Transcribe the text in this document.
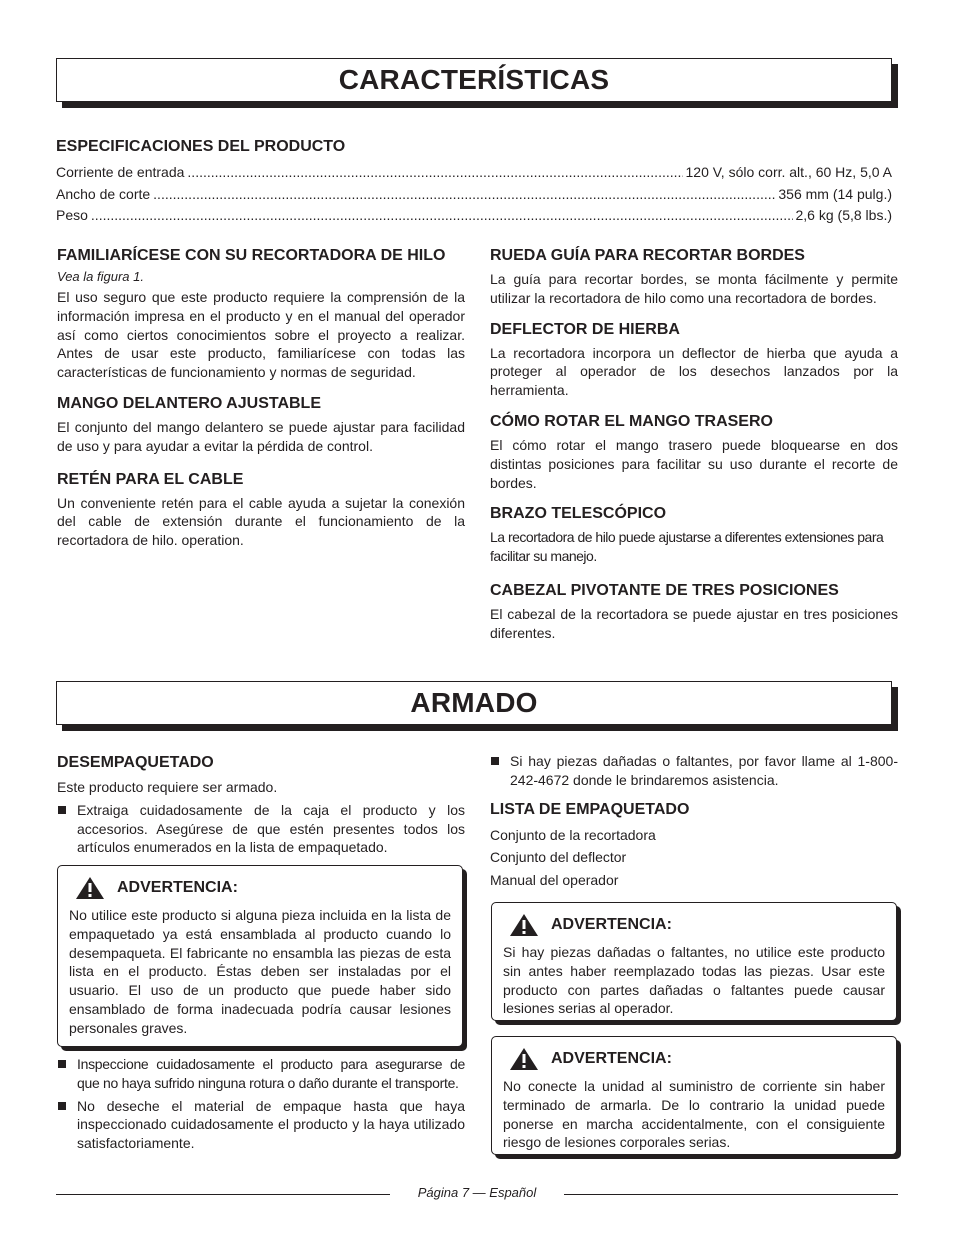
CARACTERÍSTICAS
ESPECIFICACIONES DEL PRODUCTO
Corriente de entrada .....	120 V, sólo corr. alt., 60 Hz, 5,0 A
Ancho de corte .....	356 mm (14 pulg.)
Peso .....	2,6 kg (5,8 lbs.)
FAMILIARÍCESE CON SU RECORTADORA DE HILO
Vea la figura 1.

El uso seguro que este producto requiere la comprensión de la información impresa en el producto y en el manual del operador así como ciertos conocimientos sobre el proyecto a realizar. Antes de usar este producto, familiarícese con todas las características de funcionamiento y normas de seguridad.

MANGO DELANTERO AJUSTABLE

El conjunto del mango delantero se puede ajustar para facilidad de uso y para ayudar a evitar la pérdida de control.

RETÉN PARA EL CABLE

Un conveniente retén para el cable ayuda a sujetar la conexión del cable de extensión durante el funcionamiento de la recortadora de hilo. operation.

RUEDA GUÍA PARA RECORTAR BORDES

La guía para recortar bordes, se monta fácilmente y permite utilizar la recortadora de hilo como una recortadora de bordes.

DEFLECTOR DE HIERBA

La recortadora incorpora un deflector de hierba que ayuda a proteger al operador de los desechos lanzados por la herramienta.

CÓMO ROTAR EL MANGO TRASERO

El cómo rotar el mango trasero puede bloquearse en dos distintas posiciones para facilitar su uso durante el recorte de bordes.

BRAZO TELESCÓPICO

La recortadora de hilo puede ajustarse a diferentes extensiones para facilitar su manejo.

CABEZAL PIVOTANTE DE TRES POSICIONES

El cabezal de la recortadora se puede ajustar en tres posiciones diferentes.

ARMADO
DESEMPAQUETADO

Este producto requiere ser armado.

Extraiga cuidadosamente de la caja el producto y los accesorios. Asegúrese de que estén presentes todos los artículos enumerados en la lista de empaquetado.
ADVERTENCIA:

No utilice este producto si alguna pieza incluida en la lista de empaquetado ya está ensamblada al producto cuando lo desempaqueta. El fabricante no ensambla las piezas de esta lista en el producto. Éstas deben ser instaladas por el usuario. El uso de un producto que puede haber sido ensamblado de forma inadecuada podría causar lesiones personales graves.

Inspeccione cuidadosamente el producto para asegurarse de que no haya sufrido ninguna rotura o daño durante el transporte.
No deseche el material de empaque hasta que haya inspeccionado cuidadosamente el producto y la haya utilizado satisfactoriamente.
Si hay piezas dañadas o faltantes, por favor llame al 1-800-242-4672 donde le brindaremos asistencia.
LISTA DE EMPAQUETADO

Conjunto de la recortadora

Conjunto del deflector

Manual del operador

ADVERTENCIA:

Si hay piezas dañadas o faltantes, no utilice este producto sin antes haber reemplazado todas las piezas. Usar este producto con partes dañadas o faltantes puede causar lesiones serias al operador.

ADVERTENCIA:

No conecte la unidad al suministro de corriente sin haber terminado de armarla. De lo contrario la unidad puede ponerse en marcha accidentalmente, con el consiguiente riesgo de lesiones corporales serias.

Página 7 — Español
